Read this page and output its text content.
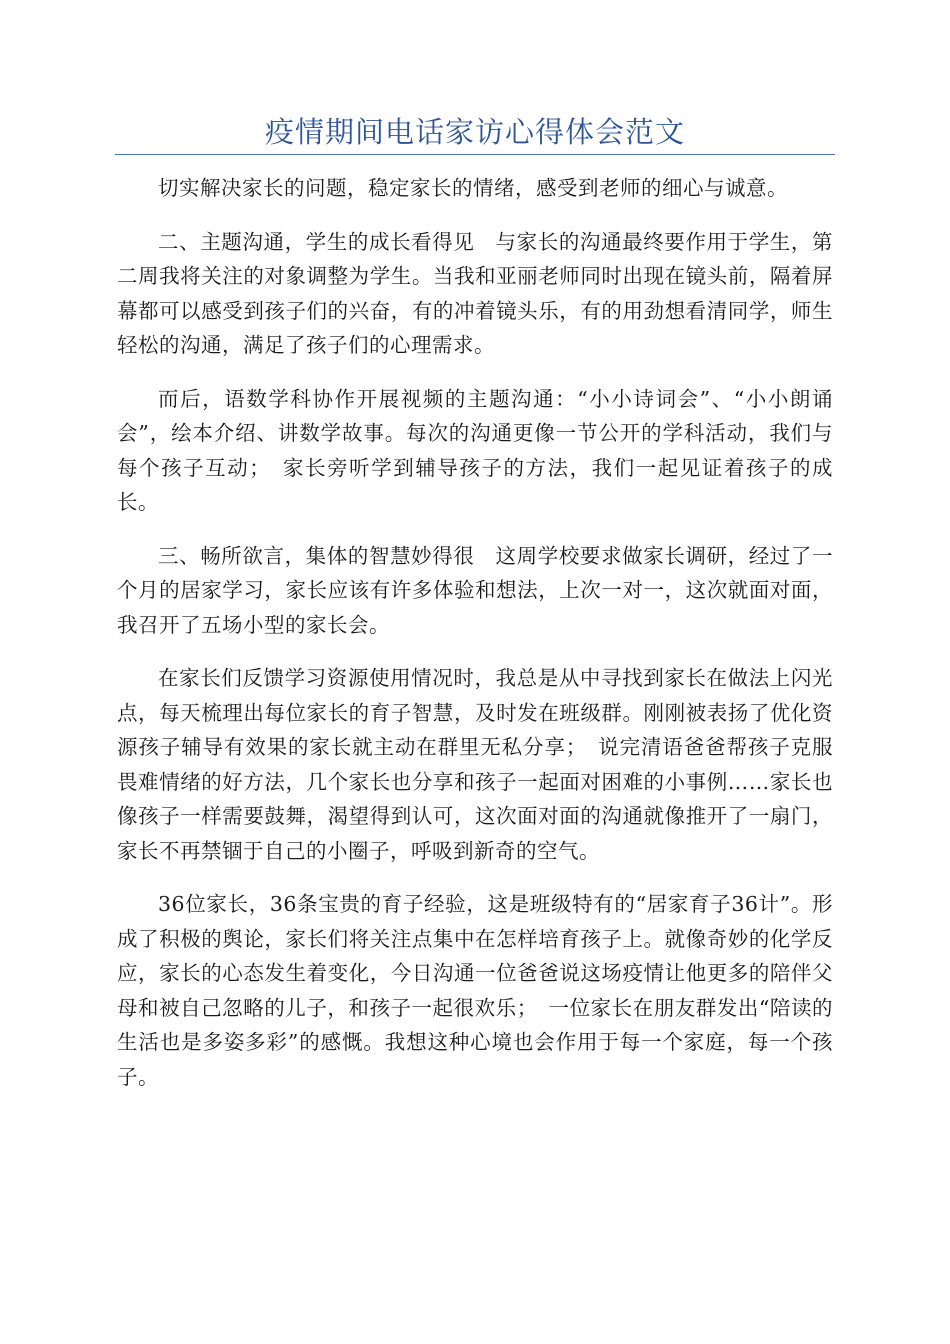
疫情期间电话家访心得体会范文

切实解决家长的问题，稳定家长的情绪，感受到老师的细心与诚意。

二、主题沟通，学生的成长看得见　与家长的沟通最终要作用于学生，第二周我将关注的对象调整为学生。当我和亚丽老师同时出现在镜头前，隔着屏幕都可以感受到孩子们的兴奋，有的冲着镜头乐，有的用劲想看清同学，师生轻松的沟通，满足了孩子们的心理需求。

而后，语数学科协作开展视频的主题沟通：“小小诗词会”、“小小朗诵会”，绘本介绍、讲数学故事。每次的沟通更像一节公开的学科活动，我们与每个孩子互动；　家长旁听学到辅导孩子的方法，我们一起见证着孩子的成长。

三、畅所欲言，集体的智慧妙得很　这周学校要求做家长调研，经过了一个月的居家学习，家长应该有许多体验和想法，上次一对一，这次就面对面，我召开了五场小型的家长会。

在家长们反馈学习资源使用情况时，我总是从中寻找到家长在做法上闪光点，每天梳理出每位家长的育子智慧，及时发在班级群。刚刚被表扬了优化资源孩子辅导有效果的家长就主动在群里无私分享；　说完清语爸爸帮孩子克服畏难情绪的好方法，几个家长也分享和孩子一起面对困难的小事例……家长也像孩子一样需要鼓舞，渴望得到认可，这次面对面的沟通就像推开了一扇门，家长不再禁锢于自己的小圈子，呼吸到新奇的空气。

36位家长，36条宝贵的育子经验，这是班级特有的“居家育子36计”。形成了积极的舆论，家长们将关注点集中在怎样培育孩子上。就像奇妙的化学反应，家长的心态发生着变化，今日沟通一位爸爸说这场疫情让他更多的陪伴父母和被自己忽略的儿子，和孩子一起很欢乐；　一位家长在朋友群发出“陪读的生活也是多姿多彩”的感慨。我想这种心境也会作用于每一个家庭，每一个孩子。
